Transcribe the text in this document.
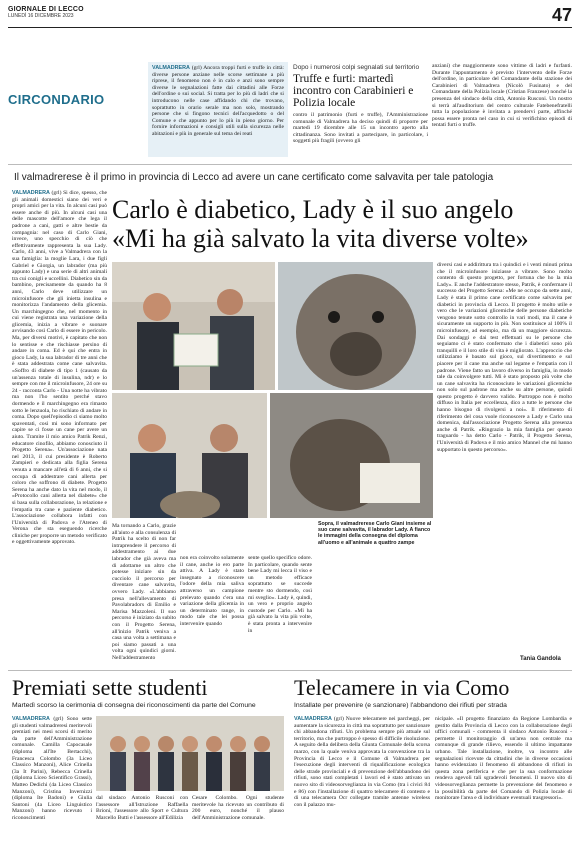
GIORNALE DI LECCO
LUNEDÌ 16 DICEMBRE 2023	47
CIRCONDARIO
VALMADRERA (grl) Ancora troppi furti e truffe in città: diverse persone anziane nelle scorse settimane a più riprese, il fenomeno non è in calo e anzi sono sempre diverse le segnalazioni fatte dai cittadini alle Forze dell'ordine o sui social. Si tratta per lo più di ladri che si introducono nelle case affidando chi che trovano, soprattutto in orario serale ma non solo, mostrando persone che si fingono tecnici dell'acquedotto o del Comune e che appunto per lo più in pieno giorno. Per fornire informazioni e consigli utili sulla sicurezza nelle abitazioni e più in generale sul tema dei reati
Dopo i numerosi colpi segnalati sul territorio
Truffe e furti: martedì incontro con Carabinieri e Polizia locale
contro il patrimonio (furti e truffe), l'Amministrazione comunale di Valmadrera ha deciso quindi di proporre per martedì 19 dicembre alle 15 un incontro aperto alla cittadinanza. Sono invitati a partecipare, in particolare, i soggetti più fragili (ovvero gli
anziani) che maggiormente sono vittime di ladri e furfanti. Durante l'appuntamento è previsto l'intervento delle Forze dell'ordine, in particolare del Comandante della stazione dei Carabinieri di Valmadrera (Nicolò Fusinato) e del Comandante della Polizia locale (Cristian Franzese) nonché la presenza del sindaco della città, Antonio Rusconi. Un nostro si terrà all'auditorium del centro culturale Fatebenefratelli tutta la popolazione è invitata a prendervi parte, affinché possa essere pronta nel caso in cui si verifichino episodi di tentati furti o truffe.
Il valmadrerese è il primo in provincia di Lecco ad avere un cane certificato come salvavita per tale patologia
Carlo è diabetico, Lady è il suo angelo
«Mi ha già salvato la vita diverse volte»
VALMADRERA (grl) Si dice, spesso, che gli animali domestici siano dei veri e propri amici per la vita. In alcuni casi può essere anche di più. In alcuni casi una delle mascotte dell'amore che lega il padrone a cani, gatti e altre bestie da compagnia: nel caso di Carlo Giani, invece, uno specchio di ciò che effettivamente rappresenta la sua Lady. Carlo, 43 anni, vive a Valmadrera con la sua famiglia: la moglie Lara, i due figli Gabriel e Giorgia, un labrador (ma più appunto Lady) e una serie di altri animali tra cui conigli e uccellini. Diabetico sin da bambino, precisamente da quando ha 8 anni, Carlo deve utilizzare un microinfusore che gli inietta insulina e monitorizza l'andamento della glicemia. Un marchingegno che, nel momento in cui viene registrata una variazione della glicemia, inizia a vibrare e suonare avvisando così Carlo di essere in pericolo. Ma, per diversi motivi, è capitato che non lo sentisse e che rischiasse persino di andare in coma. Ed è qui che entra in gioco Lady, la sua labrador di tre anni che è stata addestrata come cane salvavita. «Soffro di diabete di tipo 1 (causato da un'assenza totale di insulina, ndr) e lo sempre con me il microinfusore, 24 ore su 24 - racconta Carlo - Una notte ha vibrato ma non l'ho sentito perché stavo dormendo e il marchingegno era rimasto sotto le lenzuola, ho rischiato di andare in coma. Dopo quell'episodio ci siamo molto spaventati, così mi sono informato per capire se ci fosse un cane per avere un aiuto. Tramite il mio amico Patrik Renzi, educatore cinofilo, abbiamo conosciuto il Progetto Serena». Un'associazione nata nel 2013, il cui presidente è Roberto Zampieri e dedicata alla figlia Serena venuta a mancare all'età di 6 anni, che si occupa di addestrare cani allerta per coloro che soffrono di diabete. Progetto Serena ha anche dato la vita nel modo, il «Protocollo cani allerta nel diabete» che si basa sulla collaborazione, la relazione e l'empatia tra cane e paziente diabetico. L'associazione collabora infatti con l'Università di Padova e l'Ateneo di Verona che sta eseguendo ricerche cliniche per proporre un metodo verificato e oggettivamente approvato.
Sopra, il valmadrerese Carlo Giani insieme al suo cane salvavita, il labrador Lady. A fianco le immagini della consegna del diploma all'uomo e all'animale a quattro zampe
Ma tornando a Carlo, grazie all'aiuto e alla consulenza di Patrik ha scelto di non far intraprendere il percorso di addestramento ai due labrador che già aveva ma di adottarne un altro che potesse iniziare sin da cucciolo il percorso per diventare cane salvavita, ovvero Lady. «L'abbiamo presa nell'allevamento di Pavolabradors di Emilio e Marisa Mazzoleni. Il suo percorso è iniziato da subito con il Progetto Serena, all'inizio Patrik veniva a casa una volta a settimana e poi siamo passati a una volta ogni quindici giorni. Nell'addestramento
non era coinvolto solamente il cane, anche io ero parte attiva. A Lady è stato insegnato a riconoscere l'odore della mia saliva attraverso un campione prelevato quando c'era una variazione della glicemia in un determinato range, in modo tale che lei possa intervenire quando
sente quello specifico odore. In particolare, quando sente bene Lady mi lecca il viso e un metodo efficace soprattutto se succede mentre sto dormendo, così mi sveglio». Lady è, quindi, un vero e proprio angelo custode per Carlo. «Mi ha già salvato la vita più volte, è stata pronta a intervenire in
diversi casi e addirittura tra i quindici e i venti minuti prima che il microinfusore iniziasse a vibrare. Sono molto contento di questo progetto, per fortuna che ho la mia Lady». E anche l'addestratore stesso, Patrik, è confermare il successo del Progetto Serena: «Me ne occupo da sette anni, Lady è stata il primo cane certificato come salvavita per diabetici in provincia di Lecco. Il progetto è molto utile e vero che le variazioni glicemiche delle persone diabetiche vengono tenute sotto controllo in vari modi, ma il cane è sicuramente un supporto in più. Non sostituisce al 100% il microinfusore, ad esempio, ma dà un maggiore sicurezza. Dai sondaggi e dai test effettuati su le persone che seguiamo ci è stato confermato che i diabetici sono più tranquilli e il loro stile di vita è migliorato. L'approccio che utilizziamo è basato sul gioco, sul divertimento e sul piacere per il cane ma anche sul legame e l'empatia con il padrone. Viene fatto un lavoro diverso in famiglia, in modo tale da coinvolgere tutti. Mi è stato proposto più volte che un cane salvavita ha riconosciuto le variazioni glicemiche non solo sul padrone ma anche su altre persone, quindi questo progetto è davvero valido. Purtroppo non è molto diffuso in Italia per eccellenza, dico a tutte le persone che hanno bisogno di rivolgersi a noi». Il riferimento di riferimento del cosa vuole riconoscere a Lady e Carlo una domenica, dall'associazione Progetto Serena alla presenza anche di Patrik. «Ringrazio la mia famiglia per questo traguardo - ha detto Carlo - Patrik, il Progetto Serena, l'Università di Padova e il mio amico Mannel che mi hanno supportato in questo percorso».
Tania Gandola
Premiati sette studenti
Martedì scorso la cerimonia di consegna dei riconoscimenti da parte del Comune
VALMADRERA (grl) Sono sette gli studenti valmadreresi meritevoli premiati nei mesi scorsi di merito da parte dell'Amministrazione comunale. Camilla Capocasale (diploma all'Ite Bertacchi), Francesca Colombo (3a Liceo Classico Manzoni), Alice Crinella (3a It Parini), Rebecca Crinella (diploma Liceo Scientifico Grassi), Matteo Dedichi (4a Liceo Classico Manzoni), Cristina Invernizzi (diploma Ite Badoni) e Giulia Santoni (4a Liceo Linguistico Manzoni) hanno ricevuto i riconoscimenti
dal sindaco Antonio Rusconi con l'assessore all'Istruzione Raffaella Brioni, l'assessore allo Sport e Cultura Marcello Butti e l'assessore all'Edilizia
Cesare Colombo. Ogni studente meritevole ha ricevuto un contributo di 200 euro, nonché il plauso dell'Amministrazione comunale.
Telecamere in via Como
Installate per prevenire (e sanzionare) l'abbandono dei rifiuti per strada
VALMADRERA (grl) Nuove telecamere nei parcheggi, per aumentare la sicurezza in città ma soprattutto per sanzionare chi abbandona rifiuti. Un problema sempre più attuale sul territorio, ma che purtroppo è spesso di difficile risoluzione. A seguito della delibera della Giunta Comunale della scorsa marzo, con la quale veniva approvata la convenzione tra la Provincia di Lecco e il Comune di Valmadrera per l'esecuzione degli interventi di riqualificazione ecologica delle strade provinciali e di prevenzione dell'abbandono dei rifiuti, sono stati completati i lavori ed è stato attivato un nuovo sito di videosorveglianza in via Como (tra i civici 84 e 86) con l'installazione di quattro telecamere di contesto e di una telecamera Ocr collegate tramite antenne wireless con il palazzo mu-
nicipale. «Il progetto finanziato da Regione Lombardia e gestito dalla Provincia di Lecco con la collaborazione degli uffici comunali - commenta il sindaco Antonio Rusconi - permette il monitoraggio di un'area non centrale ma comunque di grande rilievo, essendo il ultimo impattante urbano. Tale installazione, inoltre, va incontro alle segnalazioni ricevute da cittadini che in diverse occasioni hanno evidenziato il fenomeno di abbandono di rifiuti in questa zona periferica e che per la sua conformazione rendeva agevoli tali sgradevoli fenomeni. Il nuovo sito di videosorveglianza permette la prevenzione del fenomeno e la possibilità da parte del Comando di Polizia locale di monitorare l'area e di individuare eventuali trasgressori».
